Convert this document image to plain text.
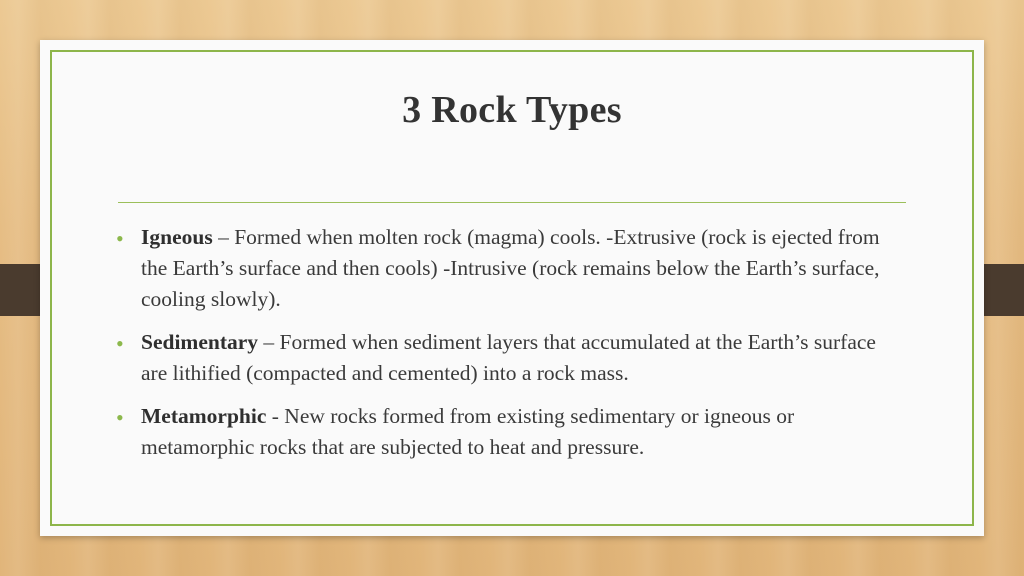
3 Rock Types
• Igneous – Formed when molten rock (magma) cools. -Extrusive (rock is ejected from the Earth’s surface and then cools) -Intrusive (rock remains below the Earth’s surface, cooling slowly).
• Sedimentary – Formed when sediment layers that accumulated at the Earth’s surface are lithified (compacted and cemented) into a rock mass.
• Metamorphic - New rocks formed from existing sedimentary or igneous or metamorphic rocks that are subjected to heat and pressure.
